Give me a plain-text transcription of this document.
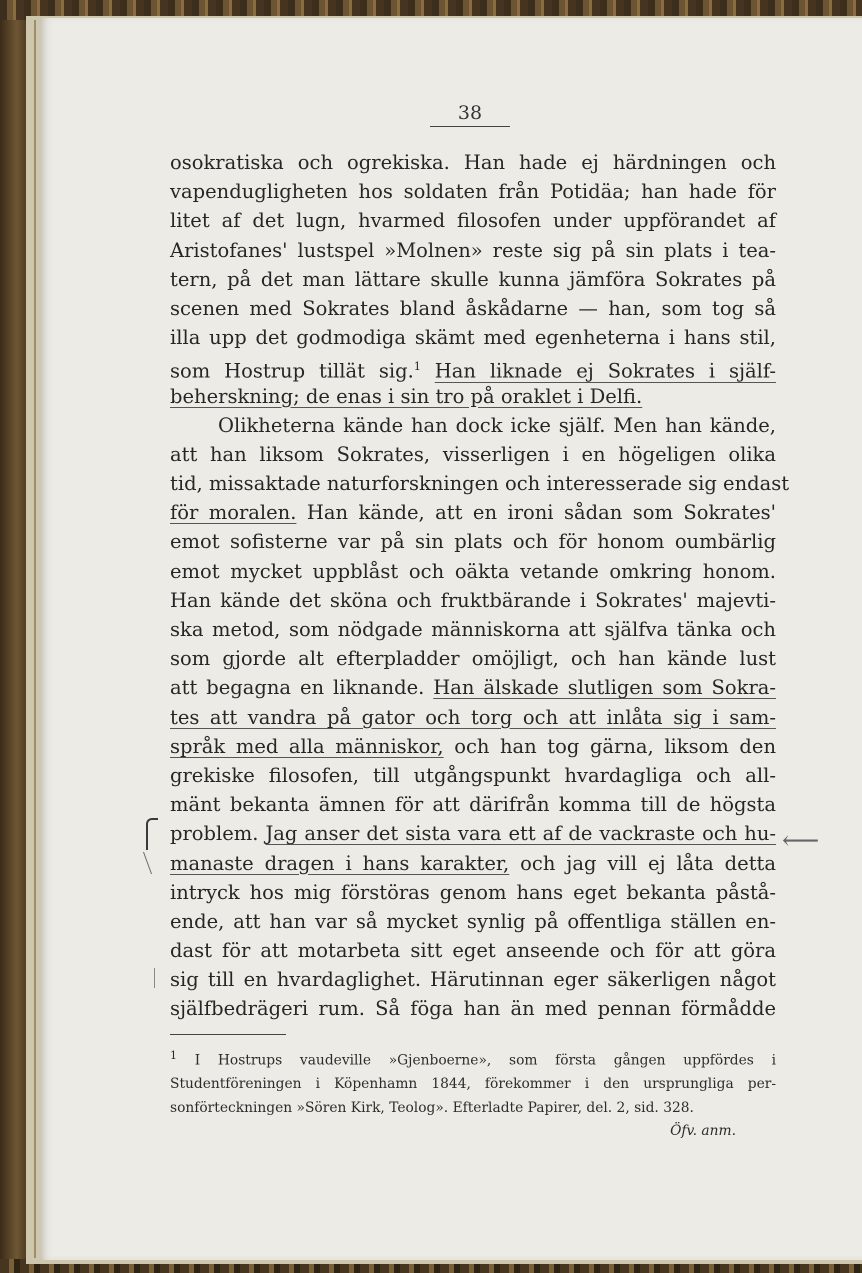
38
osokratiska och ogrekiska. Han hade ej härdningen och
vapendugligheten hos soldaten från Potidäa; han hade för
litet af det lugn, hvarmed filosofen under uppförandet af
Aristofanes' lustspel »Molnen» reste sig på sin plats i tea-
tern, på det man lättare skulle kunna jämföra Sokrates på
scenen med Sokrates bland åskådarne — han, som tog så
illa upp det godmodiga skämt med egenheterna i hans stil,
som Hostrup tillät sig.$^1$ Han liknade ej Sokrates i själf-
beherskning; de enas i sin tro på oraklet i Delfi.
Olikheterna kände han dock icke själf. Men han kände,
att han liksom Sokrates, visserligen i en högeligen olika
tid, missaktade naturforskningen och interesserade sig endast
för moralen. Han kände, att en ironi sådan som Sokrates'
emot sofisterne var på sin plats och för honom oumbärlig
emot mycket uppblåst och oäkta vetande omkring honom.
Han kände det sköna och fruktbärande i Sokrates' majevti-
ska metod, som nödgade människorna att själfva tänka och
som gjorde alt efterpladder omöjligt, och han kände lust
att begagna en liknande. Han älskade slutligen som Sokra-
tes att vandra på gator och torg och att inlåta sig i sam-
språk med alla människor, och han tog gärna, liksom den
grekiske filosofen, till utgångspunkt hvardagliga och all-
mänt bekanta ämnen för att därifrån komma till de högsta
problem. Jag anser det sista vara ett af de vackraste och hu-
manaste dragen i hans karakter, och jag vill ej låta detta
intryck hos mig förstöras genom hans eget bekanta påstå-
ende, att han var så mycket synlig på offentliga ställen en-
dast för att motarbeta sitt eget anseende och för att göra
sig till en hvardaglighet. Härutinnan eger säkerligen något
själfbedrägeri rum. Så föga han än med pennan förmådde
⟵
$^1$ I Hostrups vaudeville »Gjenboerne», som första gången uppfördes i
Studentföreningen i Köpenhamn 1844, förekommer i den ursprungliga per-
sonförteckningen »Sören Kirk, Teolog». Efterladte Papirer, del. 2, sid. 328.
Öfv. anm.
